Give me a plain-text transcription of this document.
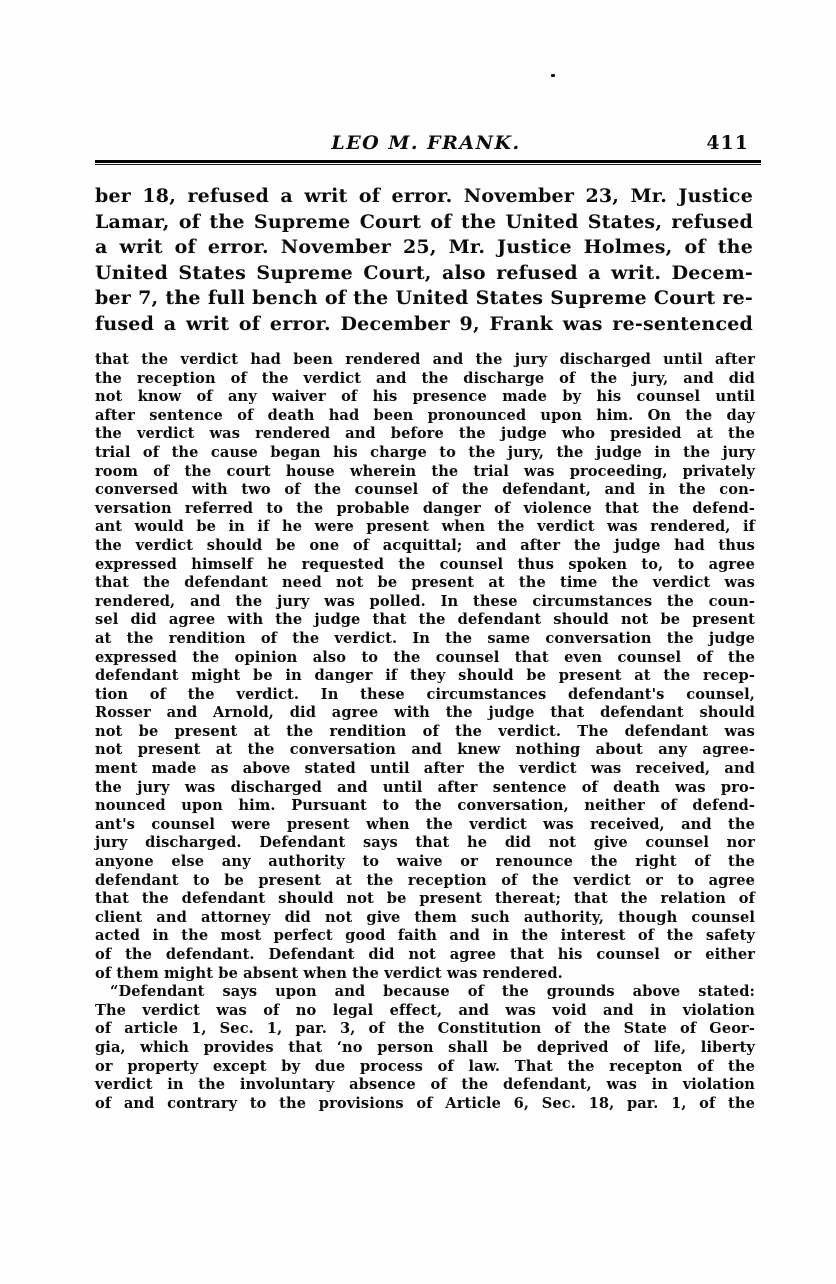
LEO M. FRANK.	411
ber 18, refused a writ of error. November 23, Mr. Justice
Lamar, of the Supreme Court of the United States, refused
a writ of error. November 25, Mr. Justice Holmes, of the
United States Supreme Court, also refused a writ. Decem-
ber 7, the full bench of the United States Supreme Court re-
fused a writ of error. December 9, Frank was re-sentenced
that the verdict had been rendered and the jury discharged until after
the reception of the verdict and the discharge of the jury, and did
not know of any waiver of his presence made by his counsel until
after sentence of death had been pronounced upon him. On the day
the verdict was rendered and before the judge who presided at the
trial of the cause began his charge to the jury, the judge in the jury
room of the court house wherein the trial was proceeding, privately
conversed with two of the counsel of the defendant, and in the con-
versation referred to the probable danger of violence that the defend-
ant would be in if he were present when the verdict was rendered, if
the verdict should be one of acquittal; and after the judge had thus
expressed himself he requested the counsel thus spoken to, to agree
that the defendant need not be present at the time the verdict was
rendered, and the jury was polled. In these circumstances the coun-
sel did agree with the judge that the defendant should not be present
at the rendition of the verdict. In the same conversation the judge
expressed the opinion also to the counsel that even counsel of the
defendant might be in danger if they should be present at the recep-
tion of the verdict. In these circumstances defendant's counsel,
Rosser and Arnold, did agree with the judge that defendant should
not be present at the rendition of the verdict. The defendant was
not present at the conversation and knew nothing about any agree-
ment made as above stated until after the verdict was received, and
the jury was discharged and until after sentence of death was pro-
nounced upon him. Pursuant to the conversation, neither of defend-
ant's counsel were present when the verdict was received, and the
jury discharged. Defendant says that he did not give counsel nor
anyone else any authority to waive or renounce the right of the
defendant to be present at the reception of the verdict or to agree
that the defendant should not be present thereat; that the relation of
client and attorney did not give them such authority, though counsel
acted in the most perfect good faith and in the interest of the safety
of the defendant. Defendant did not agree that his counsel or either
of them might be absent when the verdict was rendered.
“Defendant says upon and because of the grounds above stated:
The verdict was of no legal effect, and was void and in violation
of article 1, Sec. 1, par. 3, of the Constitution of the State of Geor-
gia, which provides that ‘no person shall be deprived of life, liberty
or property except by due process of law. That the recepton of the
verdict in the involuntary absence of the defendant, was in violation
of and contrary to the provisions of Article 6, Sec. 18, par. 1, of the
